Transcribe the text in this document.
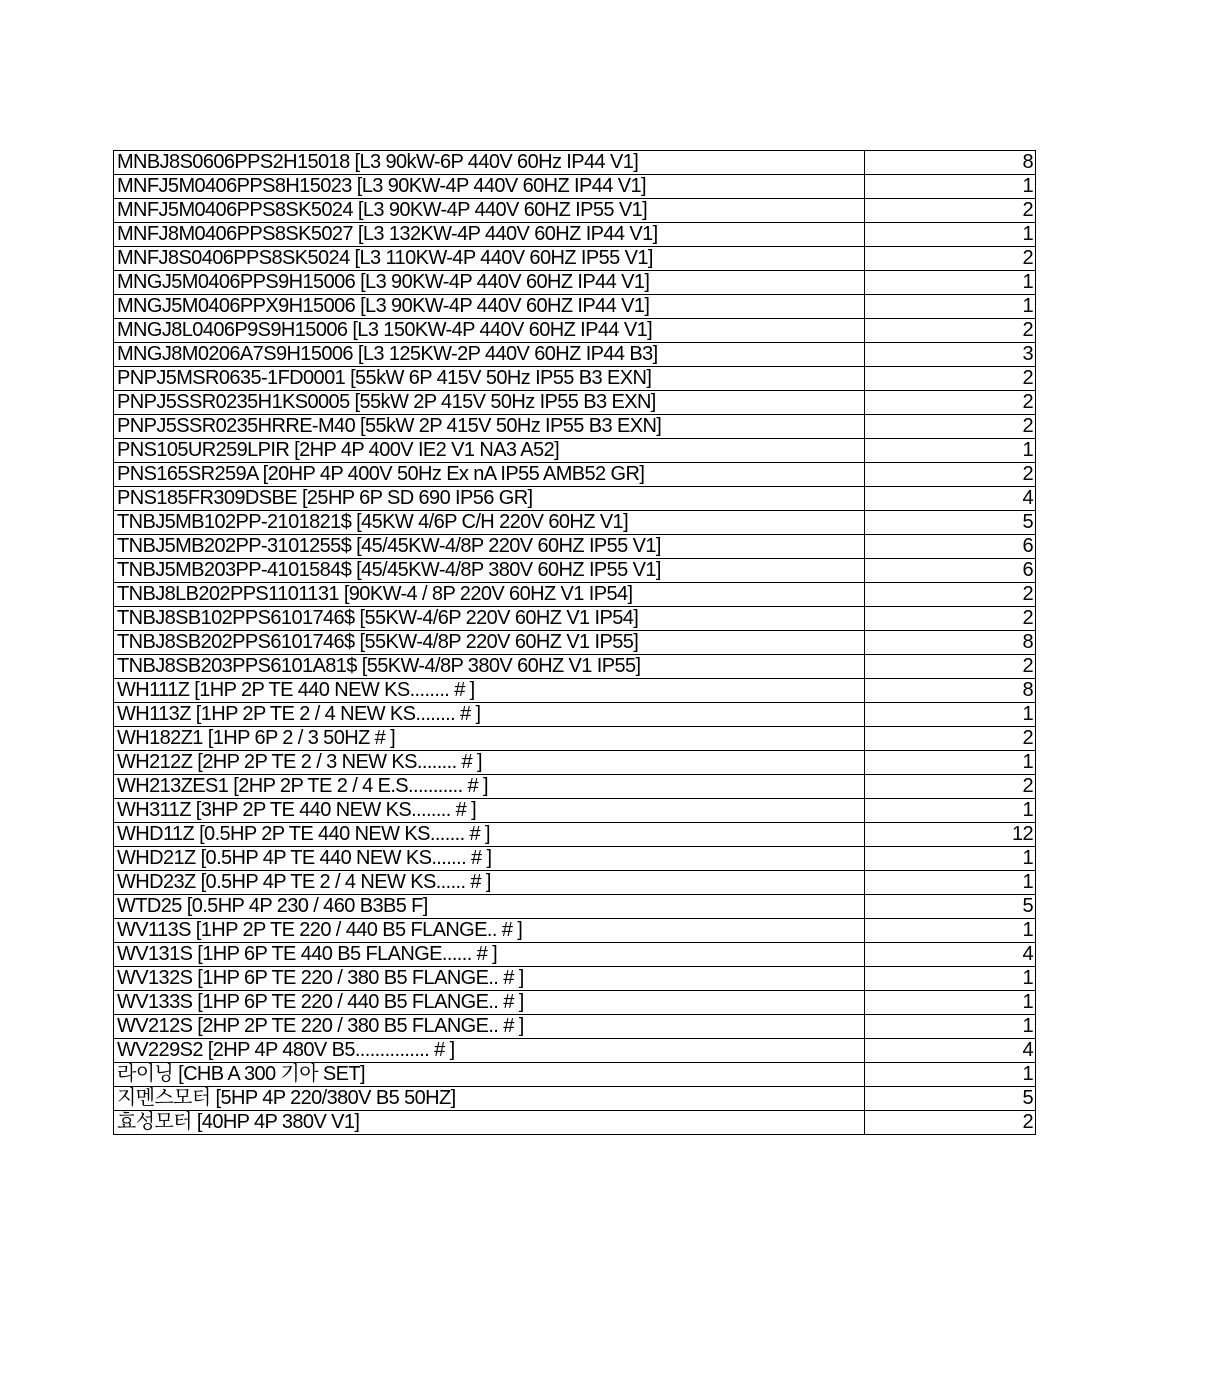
MNBJ8S0606PPS2H15018 [L3 90kW-6P 440V 60Hz IP44 V1]	8
MNFJ5M0406PPS8H15023 [L3 90KW-4P 440V 60HZ IP44 V1]	1
MNFJ5M0406PPS8SK5024 [L3 90KW-4P 440V 60HZ IP55 V1]	2
MNFJ8M0406PPS8SK5027 [L3 132KW-4P 440V 60HZ IP44 V1]	1
MNFJ8S0406PPS8SK5024 [L3 110KW-4P 440V 60HZ IP55 V1]	2
MNGJ5M0406PPS9H15006 [L3 90KW-4P 440V 60HZ IP44 V1]	1
MNGJ5M0406PPX9H15006 [L3 90KW-4P 440V 60HZ IP44 V1]	1
MNGJ8L0406P9S9H15006 [L3 150KW-4P 440V 60HZ IP44 V1]	2
MNGJ8M0206A7S9H15006 [L3 125KW-2P 440V 60HZ IP44 B3]	3
PNPJ5MSR0635-1FD0001 [55kW 6P 415V 50Hz IP55 B3 EXN]	2
PNPJ5SSR0235H1KS0005 [55kW 2P 415V 50Hz IP55 B3 EXN]	2
PNPJ5SSR0235HRRE-M40 [55kW 2P 415V 50Hz IP55 B3 EXN]	2
PNS105UR259LPIR [2HP 4P 400V IE2 V1 NA3 A52]	1
PNS165SR259A [20HP 4P 400V 50Hz Ex nA IP55 AMB52 GR]	2
PNS185FR309DSBE [25HP 6P SD 690 IP56 GR]	4
TNBJ5MB102PP-2101821$ [45KW 4/6P C/H 220V 60HZ V1]	5
TNBJ5MB202PP-3101255$ [45/45KW-4/8P 220V 60HZ IP55 V1]	6
TNBJ5MB203PP-4101584$ [45/45KW-4/8P 380V 60HZ IP55 V1]	6
TNBJ8LB202PPS1101131 [90KW-4 / 8P 220V 60HZ V1 IP54]	2
TNBJ8SB102PPS6101746$ [55KW-4/6P 220V 60HZ V1 IP54]	2
TNBJ8SB202PPS6101746$ [55KW-4/8P 220V 60HZ V1 IP55]	8
TNBJ8SB203PPS6101A81$ [55KW-4/8P 380V 60HZ V1 IP55]	2
WH111Z [1HP 2P TE 440 NEW KS........ # ]	8
WH113Z [1HP 2P TE 2 / 4 NEW KS........ # ]	1
WH182Z1 [1HP 6P 2 / 3 50HZ # ]	2
WH212Z [2HP 2P TE 2 / 3 NEW KS........ # ]	1
WH213ZES1 [2HP 2P TE 2 / 4 E.S........... # ]	2
WH311Z [3HP 2P TE 440 NEW KS........ # ]	1
WHD11Z [0.5HP 2P TE 440 NEW KS....... # ]	12
WHD21Z [0.5HP 4P TE 440 NEW KS....... # ]	1
WHD23Z [0.5HP 4P TE 2 / 4 NEW KS...... # ]	1
WTD25 [0.5HP 4P 230 / 460 B3B5 F]	5
WV113S [1HP 2P TE 220 / 440 B5 FLANGE.. # ]	1
WV131S [1HP 6P TE 440 B5 FLANGE...... # ]	4
WV132S [1HP 6P TE 220 / 380 B5 FLANGE.. # ]	1
WV133S [1HP 6P TE 220 / 440 B5 FLANGE.. # ]	1
WV212S [2HP 2P TE 220 / 380 B5 FLANGE.. # ]	1
WV229S2 [2HP 4P 480V B5............... # ]	4
라이닝 [CHB A 300 기아 SET]	1
지멘스모터 [5HP 4P 220/380V B5 50HZ]	5
효성모터 [40HP 4P 380V V1]	2
